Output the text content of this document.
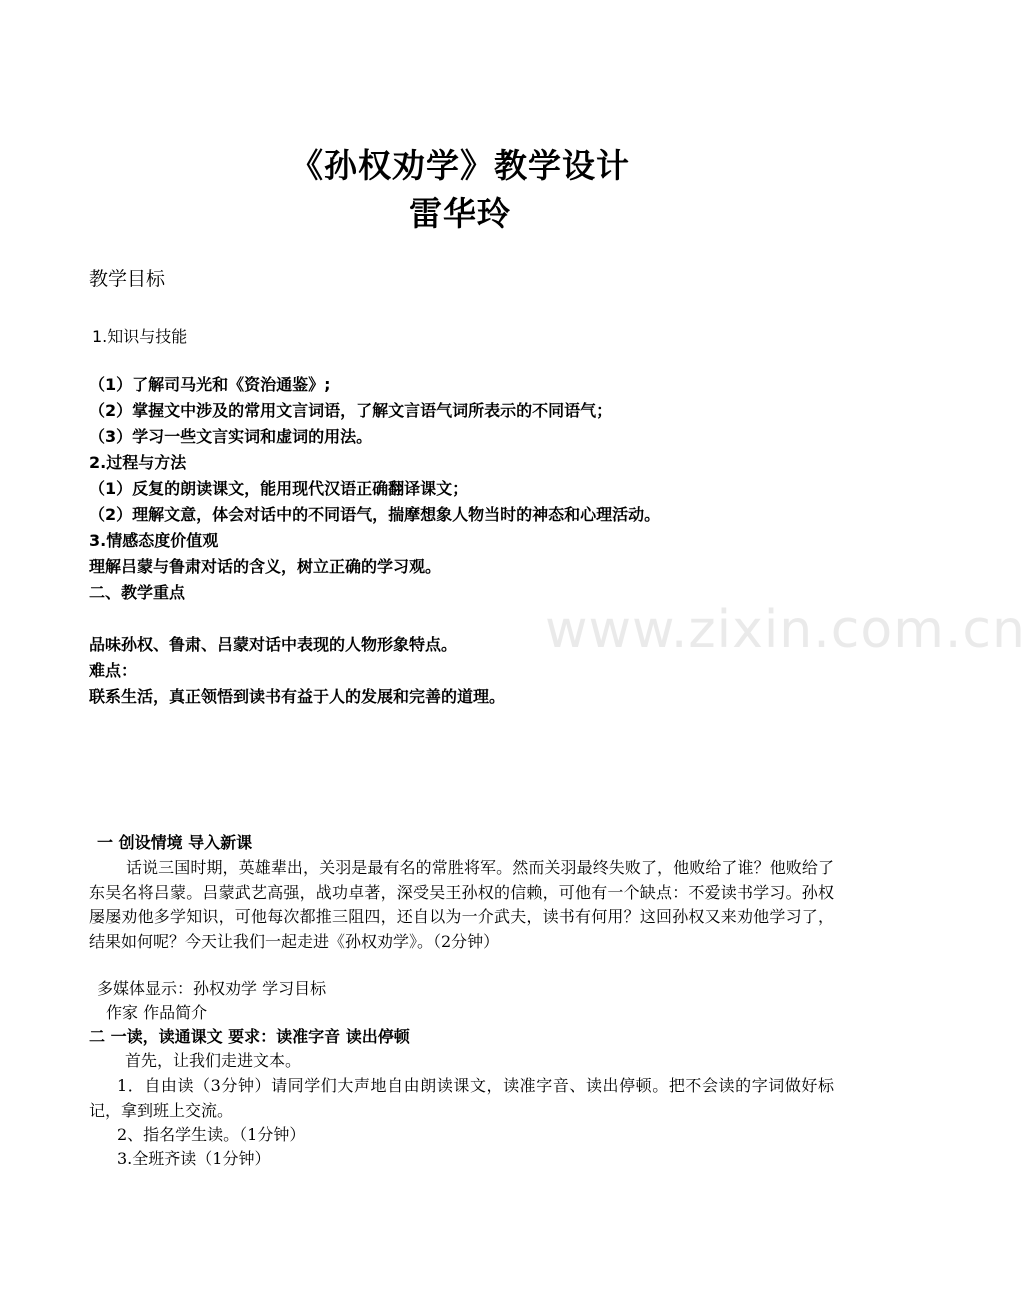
《孙权劝学》教学设计
雷华玲
教学目标
1.知识与技能
（1）了解司马光和《资治通鉴》;
（2）掌握文中涉及的常用文言词语，了解文言语气词所表示的不同语气；
（3）学习一些文言实词和虚词的用法。
2.过程与方法
（1）反复的朗读课文，能用现代汉语正确翻译课文；
（2）理解文意，体会对话中的不同语气，揣摩想象人物当时的神态和心理活动。
3.情感态度价值观
理解吕蒙与鲁肃对话的含义，树立正确的学习观。
二、教学重点
www.zixin.com.cn
品味孙权、鲁肃、吕蒙对话中表现的人物形象特点。
难点：
联系生活，真正领悟到读书有益于人的发展和完善的道理。
一 创设情境 导入新课
话说三国时期，英雄辈出，关羽是最有名的常胜将军。然而关羽最终失败了，他败给了谁？他败给了东吴名将吕蒙。吕蒙武艺高强，战功卓著，深受吴王孙权的信赖，可他有一个缺点：不爱读书学习。孙权屡屡劝他多学知识，可他每次都推三阻四，还自以为一介武夫，读书有何用？这回孙权又来劝他学习了，结果如何呢？今天让我们一起走进《孙权劝学》。（2分钟）
多媒体显示：孙权劝学 学习目标
作家 作品简介
二 一读，读通课文 要求：读准字音 读出停顿
首先，让我们走进文本。
1．自由读（3分钟）请同学们大声地自由朗读课文，读准字音、读出停顿。把不会读的字词做好标记，拿到班上交流。
2、指名学生读。（1分钟）
3.全班齐读（1分钟）
